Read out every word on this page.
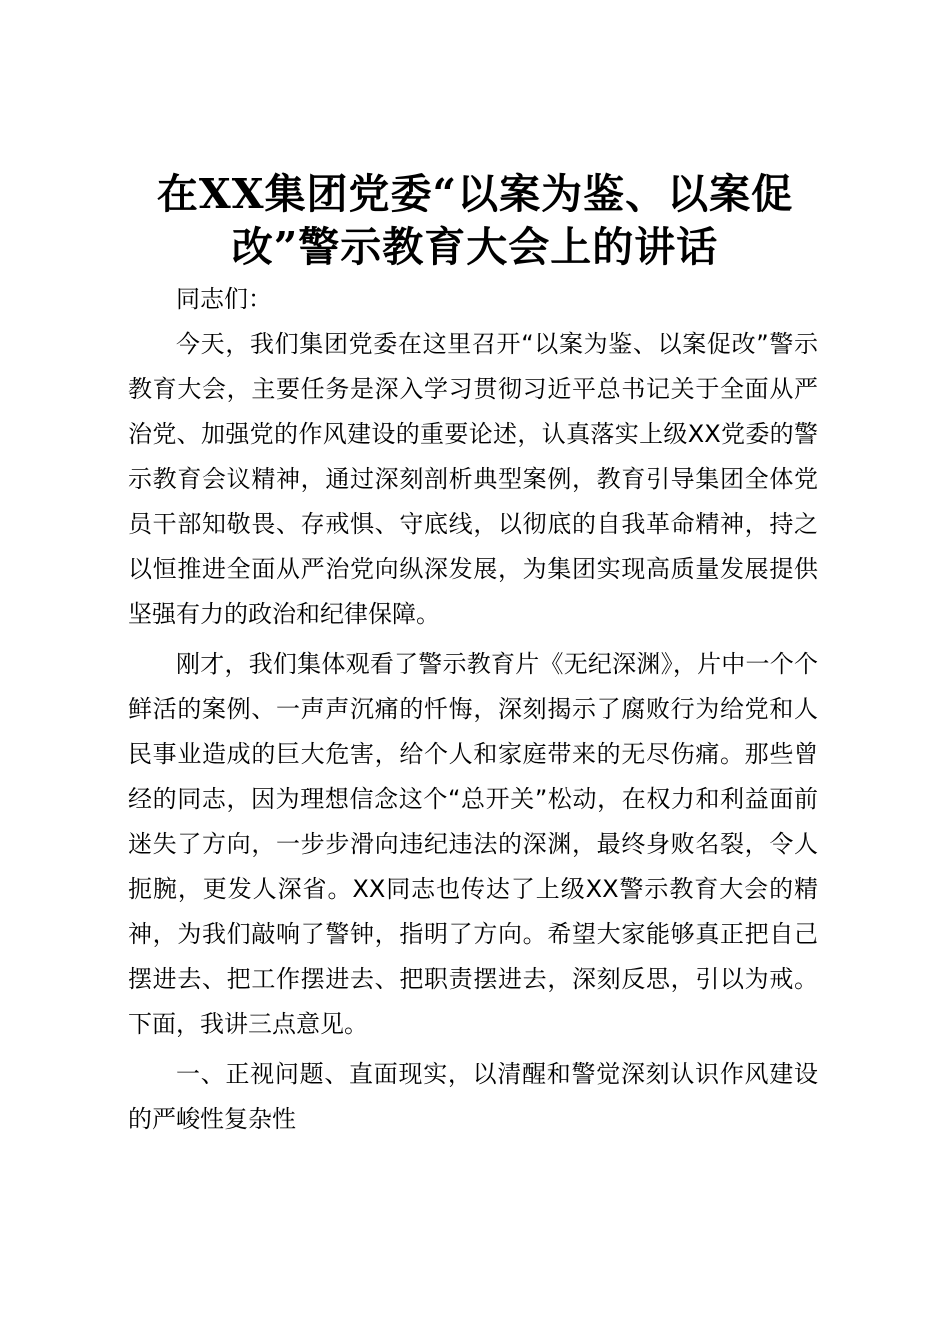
在XX集团党委“以案为鉴、以案促改”警示教育大会上的讲话

同志们：

今天，我们集团党委在这里召开“以案为鉴、以案促改”警示教育大会，主要任务是深入学习贯彻习近平总书记关于全面从严治党、加强党的作风建设的重要论述，认真落实上级XX党委的警示教育会议精神，通过深刻剖析典型案例，教育引导集团全体党员干部知敬畏、存戒惧、守底线，以彻底的自我革命精神，持之以恒推进全面从严治党向纵深发展，为集团实现高质量发展提供坚强有力的政治和纪律保障。

刚才，我们集体观看了警示教育片《无纪深渊》，片中一个个鲜活的案例、一声声沉痛的忏悔，深刻揭示了腐败行为给党和人民事业造成的巨大危害，给个人和家庭带来的无尽伤痛。那些曾经的同志，因为理想信念这个“总开关”松动，在权力和利益面前迷失了方向，一步步滑向违纪违法的深渊，最终身败名裂，令人扼腕，更发人深省。XX同志也传达了上级XX警示教育大会的精神，为我们敲响了警钟，指明了方向。希望大家能够真正把自己摆进去、把工作摆进去、把职责摆进去，深刻反思，引以为戒。下面，我讲三点意见。

一、正视问题、直面现实，以清醒和警觉深刻认识作风建设的严峻性复杂性
